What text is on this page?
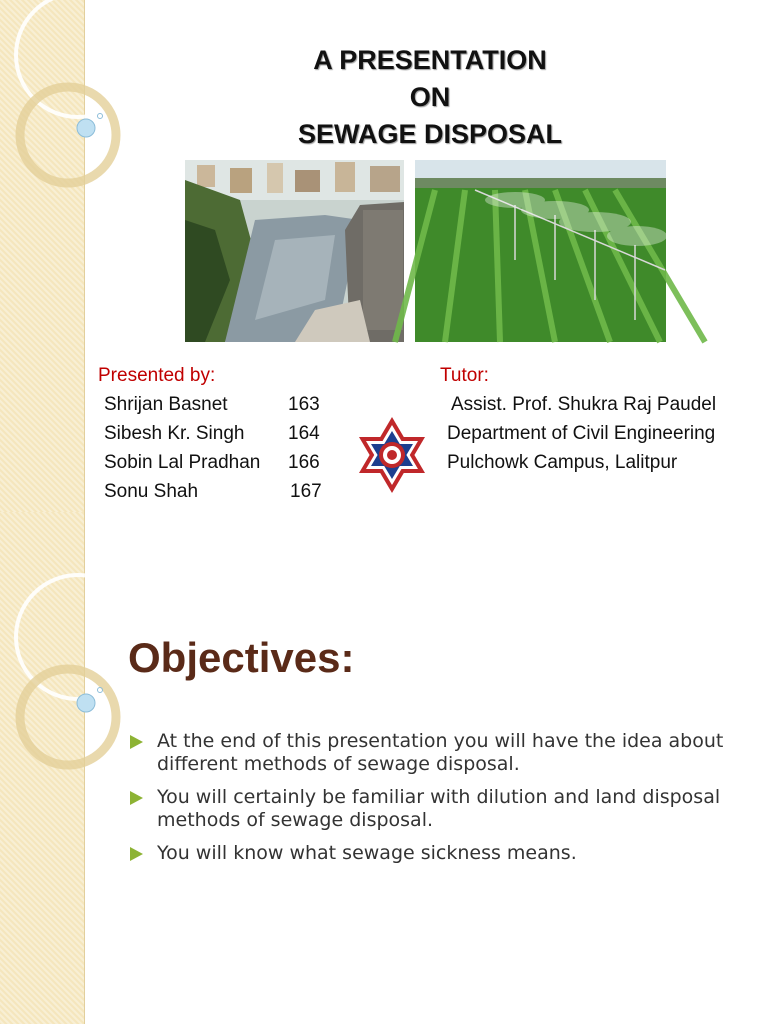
A PRESENTATION
ON
SEWAGE DISPOSAL
Presented by:
Shrijan Basnet	163
Sibesh Kr. Singh 164
Sobin Lal Pradhan 166
Sonu Shah	167
Tutor:
Assist. Prof. Shukra Raj Paudel
Department of Civil Engineering
Pulchowk Campus, Lalitpur
Objectives:
At the end of this presentation you will have the idea about different methods of sewage disposal.
You will certainly be familiar with dilution and land disposal methods of sewage disposal.
You will know what sewage sickness means.
